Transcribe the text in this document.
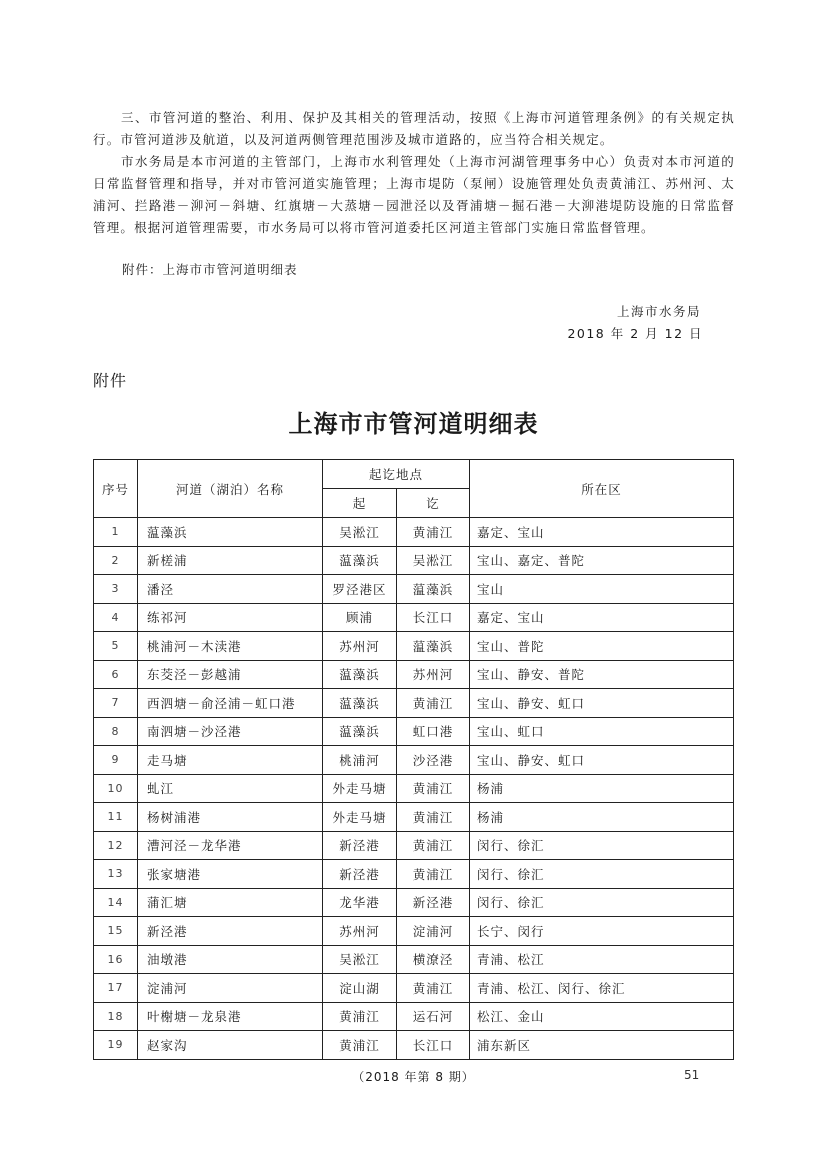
三、市管河道的整治、利用、保护及其相关的管理活动，按照《上海市河道管理条例》的有关规定执行。市管河道涉及航道，以及河道两侧管理范围涉及城市道路的，应当符合相关规定。

市水务局是本市河道的主管部门，上海市水利管理处（上海市河湖管理事务中心）负责对本市河道的日常监督管理和指导，并对市管河道实施管理；上海市堤防（泵闸）设施管理处负责黄浦江、苏州河、太浦河、拦路港－泖河－斜塘、红旗塘－大蒸塘－园泄泾以及胥浦塘－掘石港－大泖港堤防设施的日常监督管理。根据河道管理需要，市水务局可以将市管河道委托区河道主管部门实施日常监督管理。

附件：上海市市管河道明细表
上海市水务局
2018 年 2 月 12 日
附件
上海市市管河道明细表
序号	河道（湖泊）名称	起讫地点		所在区
		起	讫	
1	蕰藻浜	吴淞江	黄浦江	嘉定、宝山
2	新槎浦	蕰藻浜	吴淞江	宝山、嘉定、普陀
3	潘泾	罗泾港区	蕰藻浜	宝山
4	练祁河	顾浦	长江口	嘉定、宝山
5	桃浦河－木渎港	苏州河	蕰藻浜	宝山、普陀
6	东茭泾－彭越浦	蕰藻浜	苏州河	宝山、静安、普陀
7	西泗塘－俞泾浦－虹口港	蕰藻浜	黄浦江	宝山、静安、虹口
8	南泗塘－沙泾港	蕰藻浜	虹口港	宝山、虹口
9	走马塘	桃浦河	沙泾港	宝山、静安、虹口
10	虬江	外走马塘	黄浦江	杨浦
11	杨树浦港	外走马塘	黄浦江	杨浦
12	漕河泾－龙华港	新泾港	黄浦江	闵行、徐汇
13	张家塘港	新泾港	黄浦江	闵行、徐汇
14	蒲汇塘	龙华港	新泾港	闵行、徐汇
15	新泾港	苏州河	淀浦河	长宁、闵行
16	油墩港	吴淞江	横潦泾	青浦、松江
17	淀浦河	淀山湖	黄浦江	青浦、松江、闵行、徐汇
18	叶榭塘－龙泉港	黄浦江	运石河	松江、金山
19	赵家沟	黄浦江	长江口	浦东新区
（2018 年第 8 期）	51
